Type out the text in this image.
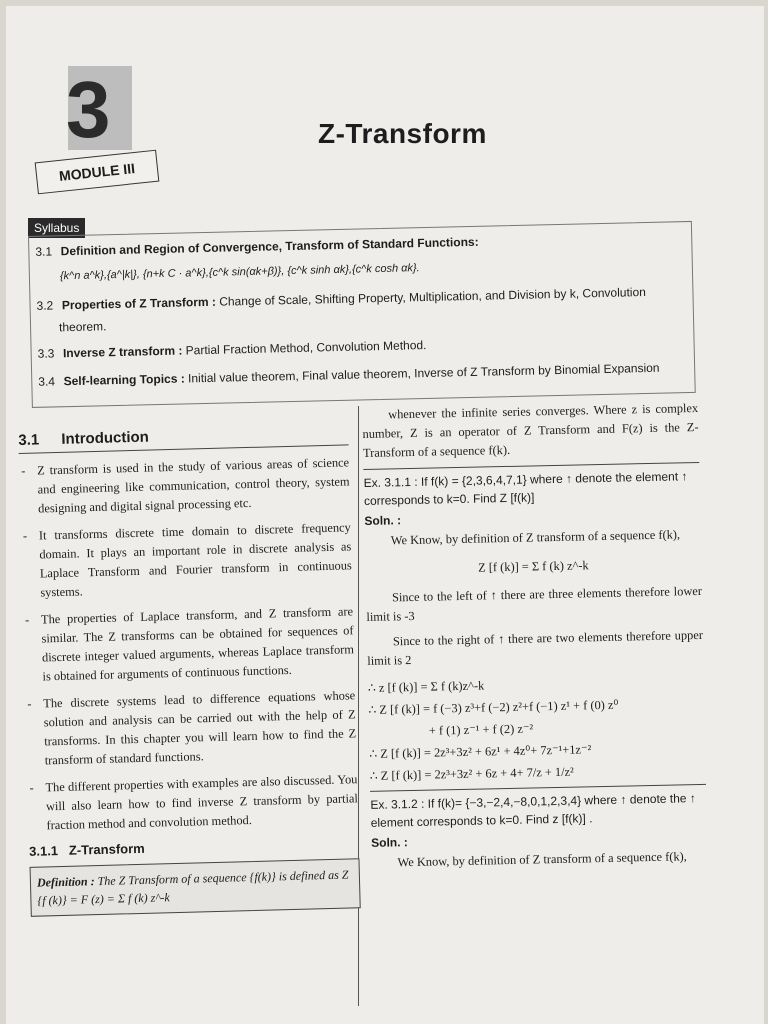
3
MODULE III
Z-Transform
Syllabus
3.1 Definition and Region of Convergence, Transform of Standard Functions:
{k^n a^k},{a^|k|}, {n+k C · a^k},{c^k sin(αk+β)}, {c^k sinh αk},{c^k cosh αk}.
3.2 Properties of Z Transform : Change of Scale, Shifting Property, Multiplication, and Division by k, Convolution
theorem.
3.3 Inverse Z transform : Partial Fraction Method, Convolution Method.
3.4 Self-learning Topics : Initial value theorem, Final value theorem, Inverse of Z Transform by Binomial Expansion
3.1 Introduction

- Z transform is used in the study of various areas of science and engineering like communication, control theory, system designing and digital signal processing etc.

- It transforms discrete time domain to discrete frequency domain. It plays an important role in discrete analysis as Laplace Transform and Fourier transform in continuous systems.

- The properties of Laplace transform, and Z transform are similar. The Z transforms can be obtained for sequences of discrete integer valued arguments, whereas Laplace transform is obtained for arguments of continuous functions.

- The discrete systems lead to difference equations whose solution and analysis can be carried out with the help of Z transforms. In this chapter you will learn how to find the Z transform of standard functions.

- The different properties with examples are also discussed. You will also learn how to find inverse Z transform by partial fraction method and convolution method.

3.1.1 Z-Transform
Definition : The Z Transform of a sequence {f(k)} is defined as Z {f (k)} = F (z) = Σ f (k) z^-k

whenever the infinite series converges. Where z is complex number, Z is an operator of Z Transform and F(z) is the Z-Transform of a sequence f(k).

Ex. 3.1.1 : If f(k) = {2,3,6,4,7,1} where ↑ denote the element ↑ corresponds to k=0. Find Z [f(k)]
Soln. :

We Know, by definition of Z transform of a sequence f(k),

Z [f (k)] = Σ f (k) z^-k

Since to the left of ↑ there are three elements therefore lower limit is -3

Since to the right of ↑ there are two elements therefore upper limit is 2

∴ z [f (k)] = Σ f (k)z^-k
∴ Z [f (k)] = f (−3) z³+f (−2) z²+f (−1) z¹ + f (0) z⁰
+ f (1) z⁻¹ + f (2) z⁻²
∴ Z [f (k)] = 2z³+3z² + 6z¹ + 4z⁰+ 7z⁻¹+1z⁻²
∴ Z [f (k)] = 2z³+3z² + 6z + 4+ 7/z + 1/z²
Ex. 3.1.2 : If f(k)= {−3,−2,4,−8,0,1,2,3,4} where ↑ denote the ↑ element corresponds to k=0. Find z [f(k)] .
Soln. :

We Know, by definition of Z transform of a sequence f(k),
